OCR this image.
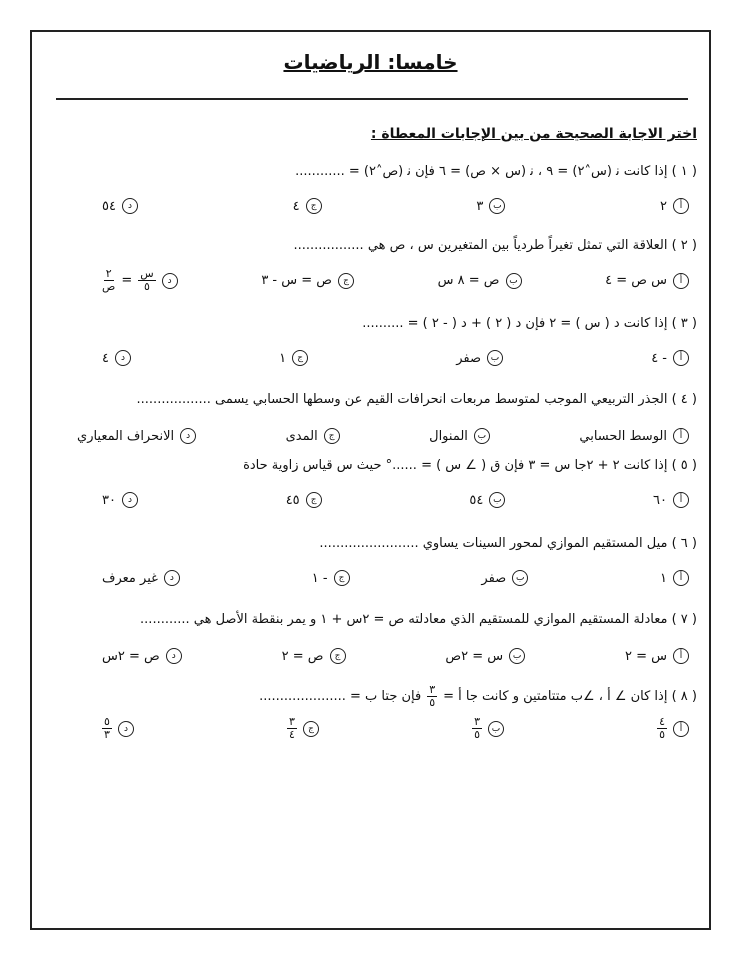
خامسا: الرياضيات
اختر الاجابة الصحيحة من بين الإجابات المعطاة :
( ١ ) إذا كانت ﻧ (س˄٢) = ٩ ، ﻧ (س × ص) = ٦ فإن ﻧ (ص˄٢) = ............
أ
٢
ب
٣
ج
٤
د
٥٤
( ٢ ) العلاقة التي تمثل تغيراً طردياً بين المتغيرين س ، ص هي .................
أ
س ص = ٤
ب
ص = ٨ س
ج
ص = س - ٣
د
$\frac{\text{س}}{٥}$
=
$\frac{٢}{\text{ص}}$
( ٣ ) إذا كانت د ( س ) = ٢ فإن د ( ٢ ) + د ( - ٢ ) = ..........
أ
- ٤
ب
صفر
ج
١
د
٤
( ٤ ) الجذر التربيعي الموجب لمتوسط مربعات انحرافات القيم عن وسطها الحسابي يسمى ..................
أ
الوسط الحسابي
ب
المنوال
ج
المدى
د
الانحراف المعياري
( ٥ ) إذا كانت ٢ + ٢جا س = ٣ فإن ق ( ∠ س ) = ......° حيث س قياس زاوية حادة
أ
٦٠
ب
٥٤
ج
٤٥
د
٣٠
( ٦ ) ميل المستقيم الموازي لمحور السينات يساوي ........................
أ
١
ب
صفر
ج
- ١
د
غير معرف
( ٧ ) معادلة المستقيم الموازي للمستقيم الذي معادلته ص = ٢س + ١ و يمر بنقطة الأصل هي ............
أ
س = ٢
ب
س = ٢ص
ج
ص = ٢
د
ص = ٢س
( ٨ ) إذا كان ∠ أ ، ∠ب متتامتين و كانت جا أ =
$\frac{٣}{٥}$
فإن جتا ب = .....................
أ
$\frac{٤}{٥}$
ب
$\frac{٣}{٥}$
ج
$\frac{٣}{٤}$
د
$\frac{٥}{٣}$
